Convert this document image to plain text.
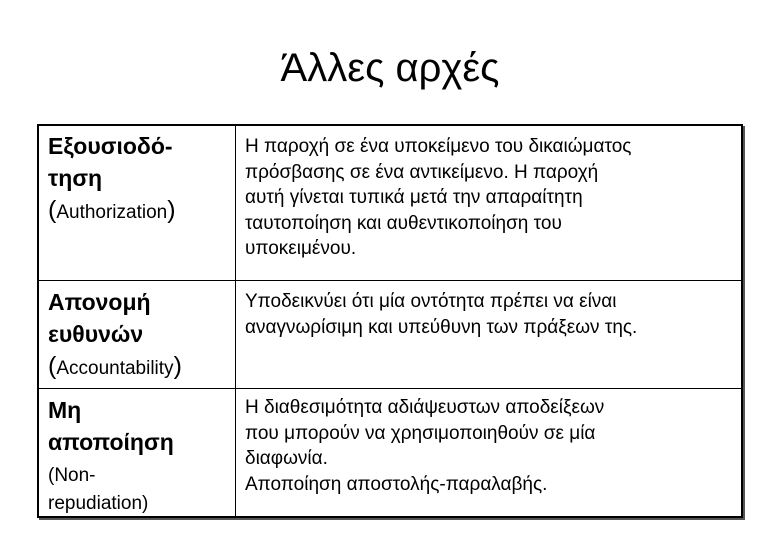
Άλλες αρχές
Εξουσιοδό-
τηση
(Authorization)
Η παροχή σε ένα υποκείμενο του δικαιώματος
πρόσβασης σε ένα αντικείμενο. Η παροχή
αυτή γίνεται τυπικά μετά την απαραίτητη
ταυτοποίηση και αυθεντικοποίηση του
υποκειμένου.
Απονομή
ευθυνών
(Accountability)
Υποδεικνύει ότι μία οντότητα πρέπει να είναι
αναγνωρίσιμη και υπεύθυνη των πράξεων της.
Μη
αποποίηση
(Non-
repudiation)
Η διαθεσιμότητα αδιάψευστων αποδείξεων
που μπορούν να χρησιμοποιηθούν σε μία
διαφωνία.
Αποποίηση αποστολής-παραλαβής.
